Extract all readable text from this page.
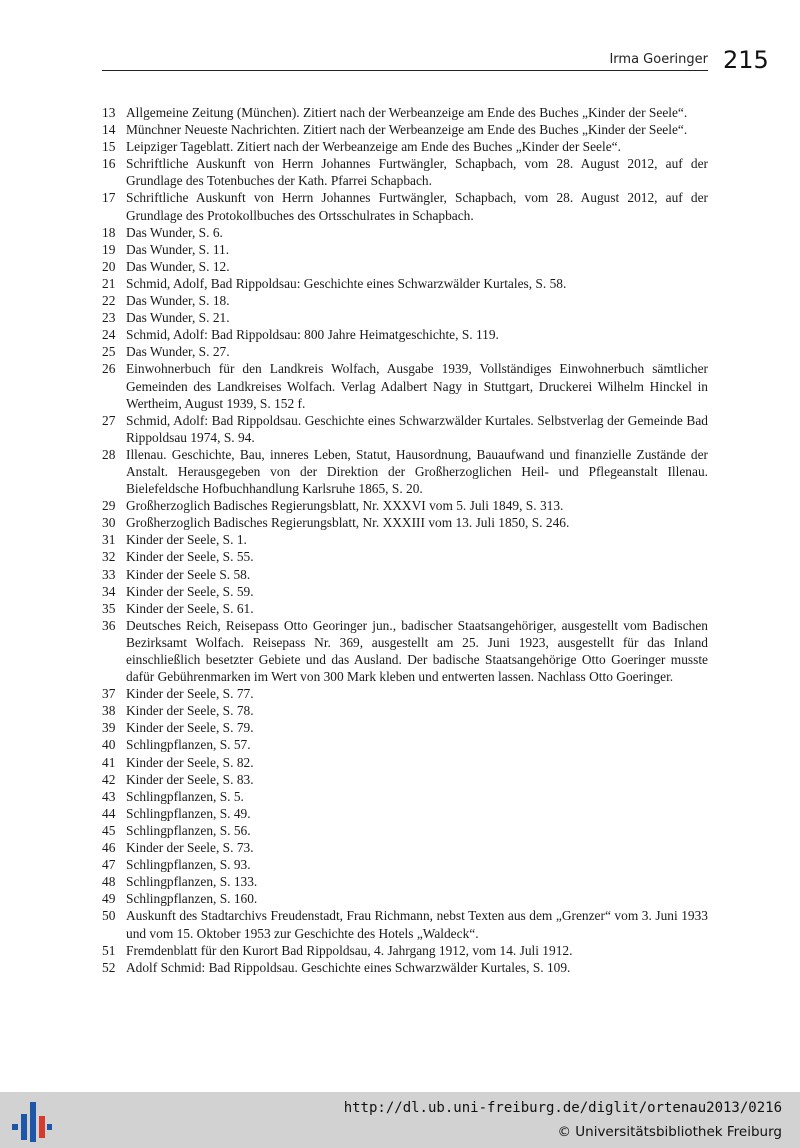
Irma Goeringer 215
13 Allgemeine Zeitung (München). Zitiert nach der Werbeanzeige am Ende des Buches „Kinder der Seele“.
14 Münchner Neueste Nachrichten. Zitiert nach der Werbeanzeige am Ende des Buches „Kinder der Seele“.
15 Leipziger Tageblatt. Zitiert nach der Werbeanzeige am Ende des Buches „Kinder der Seele“.
16 Schriftliche Auskunft von Herrn Johannes Furtwängler, Schapbach, vom 28. August 2012, auf der Grundlage des Totenbuches der Kath. Pfarrei Schapbach.
17 Schriftliche Auskunft von Herrn Johannes Furtwängler, Schapbach, vom 28. August 2012, auf der Grundlage des Protokollbuches des Ortsschulrates in Schapbach.
18 Das Wunder, S. 6.
19 Das Wunder, S. 11.
20 Das Wunder, S. 12.
21 Schmid, Adolf, Bad Rippoldsau: Geschichte eines Schwarzwälder Kurtales, S. 58.
22 Das Wunder, S. 18.
23 Das Wunder, S. 21.
24 Schmid, Adolf: Bad Rippoldsau: 800 Jahre Heimatgeschichte, S. 119.
25 Das Wunder, S. 27.
26 Einwohnerbuch für den Landkreis Wolfach, Ausgabe 1939, Vollständiges Einwohnerbuch sämtlicher Gemeinden des Landkreises Wolfach. Verlag Adalbert Nagy in Stuttgart, Druckerei Wilhelm Hinckel in Wertheim, August 1939, S. 152 f.
27 Schmid, Adolf: Bad Rippoldsau. Geschichte eines Schwarzwälder Kurtales. Selbstverlag der Gemeinde Bad Rippoldsau 1974, S. 94.
28 Illenau. Geschichte, Bau, inneres Leben, Statut, Hausordnung, Bauaufwand und finanzielle Zustände der Anstalt. Herausgegeben von der Direktion der Großherzoglichen Heil- und Pflegeanstalt Illenau. Bielefeldsche Hofbuchhandlung Karlsruhe 1865, S. 20.
29 Großherzoglich Badisches Regierungsblatt, Nr. XXXVI vom 5. Juli 1849, S. 313.
30 Großherzoglich Badisches Regierungsblatt, Nr. XXXIII vom 13. Juli 1850, S. 246.
31 Kinder der Seele, S. 1.
32 Kinder der Seele, S. 55.
33 Kinder der Seele S. 58.
34 Kinder der Seele, S. 59.
35 Kinder der Seele, S. 61.
36 Deutsches Reich, Reisepass Otto Georinger jun., badischer Staatsangehöriger, ausgestellt vom Badischen Bezirksamt Wolfach. Reisepass Nr. 369, ausgestellt am 25. Juni 1923, ausgestellt für das Inland einschließlich besetzter Gebiete und das Ausland. Der badische Staatsangehörige Otto Goeringer musste dafür Gebührenmarken im Wert von 300 Mark kleben und entwerten lassen. Nachlass Otto Goeringer.
37 Kinder der Seele, S. 77.
38 Kinder der Seele, S. 78.
39 Kinder der Seele, S. 79.
40 Schlingpflanzen, S. 57.
41 Kinder der Seele, S. 82.
42 Kinder der Seele, S. 83.
43 Schlingpflanzen, S. 5.
44 Schlingpflanzen, S. 49.
45 Schlingpflanzen, S. 56.
46 Kinder der Seele, S. 73.
47 Schlingpflanzen, S. 93.
48 Schlingpflanzen, S. 133.
49 Schlingpflanzen, S. 160.
50 Auskunft des Stadtarchivs Freudenstadt, Frau Richmann, nebst Texten aus dem „Grenzer“ vom 3. Juni 1933 und vom 15. Oktober 1953 zur Geschichte des Hotels „Waldeck“.
51 Fremdenblatt für den Kurort Bad Rippoldsau, 4. Jahrgang 1912, vom 14. Juli 1912.
52 Adolf Schmid: Bad Rippoldsau. Geschichte eines Schwarzwälder Kurtales, S. 109.
http://dl.ub.uni-freiburg.de/diglit/ortenau2013/0216
© Universitätsbibliothek Freiburg
